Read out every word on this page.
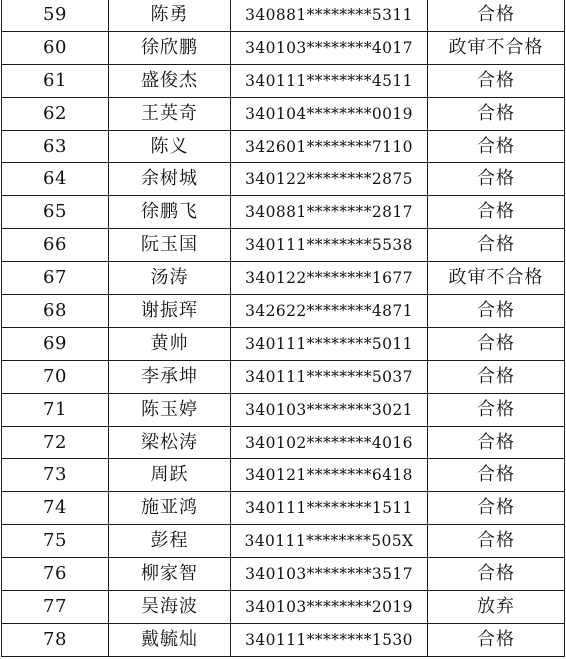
59	陈勇	340881********5311	合格
60	徐欣鹏	340103********4017	政审不合格
61	盛俊杰	340111********4511	合格
62	王英奇	340104********0019	合格
63	陈义	342601********7110	合格
64	余树城	340122********2875	合格
65	徐鹏飞	340881********2817	合格
66	阮玉国	340111********5538	合格
67	汤涛	340122********1677	政审不合格
68	谢振珲	342622********4871	合格
69	黄帅	340111********5011	合格
70	李承坤	340111********5037	合格
71	陈玉婷	340103********3021	合格
72	梁松涛	340102********4016	合格
73	周跃	340121********6418	合格
74	施亚鸿	340111********1511	合格
75	彭程	340111********505X	合格
76	柳家智	340103********3517	合格
77	吴海波	340103********2019	放弃
78	戴毓灿	340111********1530	合格
